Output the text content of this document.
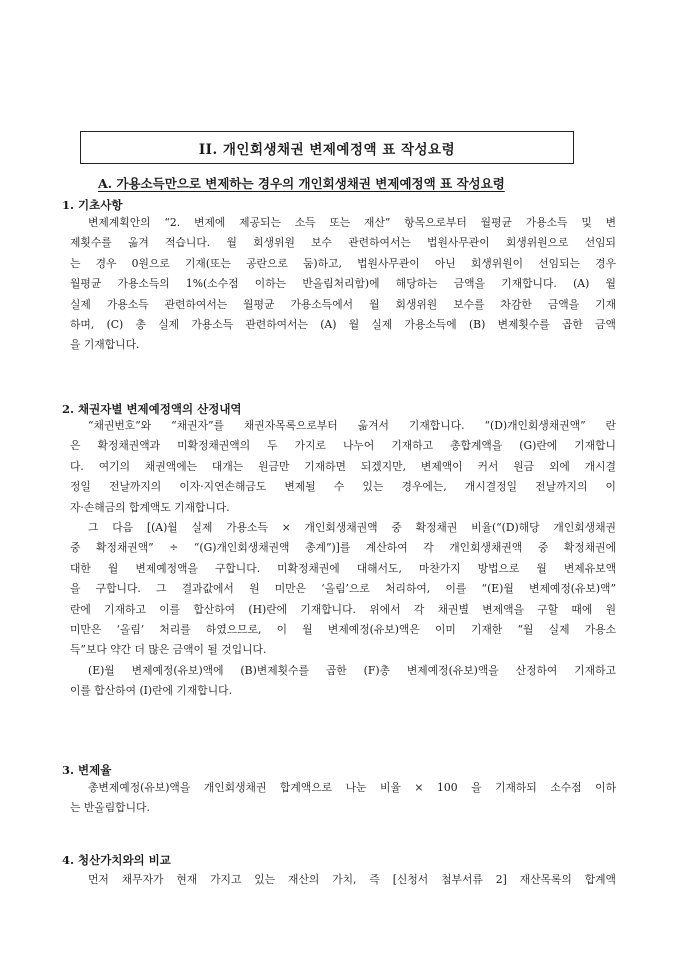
II. 개인회생채권 변제예정액 표 작성요령
A. 가용소득만으로 변제하는 경우의 개인회생채권 변제예정액 표 작성요령
1. 기초사항
변제계획안의 “2. 변제에 제공되는 소득 또는 재산” 항목으로부터 월평균 가용소득 및 변
제횟수를 옮겨 적습니다. 월 회생위원 보수 관련하여서는 법원사무관이 회생위원으로 선임되
는 경우 0원으로 기재(또는 공란으로 둠)하고, 법원사무관이 아닌 회생위원이 선임되는 경우
월평균 가용소득의 1%(소수점 이하는 반올림처리함)에 해당하는 금액을 기재합니다. (A) 월
실제 가용소득 관련하여서는 월평균 가용소득에서 월 회생위원 보수를 차감한 금액을 기재
하며, (C) 총 실제 가용소득 관련하여서는 (A) 월 실제 가용소득에 (B) 변제횟수를 곱한 금액
을 기재합니다.
2. 채권자별 변제예정액의 산정내역
“채권번호”와 “채권자”를 채권자목록으로부터 옮겨서 기재합니다. “(D)개인회생채권액” 란
은 확정채권액과 미확정채권액의 두 가지로 나누어 기재하고 총합계액을 (G)란에 기재합니
다. 여기의 채권액에는 대개는 원금만 기재하면 되겠지만, 변제액이 커서 원금 외에 개시결
정일 전날까지의 이자·지연손해금도 변제될 수 있는 경우에는, 개시결정일 전날까지의 이
자·손해금의 합계액도 기재합니다.
그 다음 [(A)월 실제 가용소득 × 개인회생채권액 중 확정채권 비율(“(D)해당 개인회생채권
중 확정채권액” ÷ “(G)개인회생채권액 총계”)]를 계산하여 각 개인회생채권액 중 확정채권에
대한 월 변제예정액을 구합니다. 미확정채권에 대해서도, 마찬가지 방법으로 월 변제유보액
을 구합니다. 그 결과값에서 원 미만은 ‘올림’으로 처리하여, 이를 “(E)월 변제예정(유보)액”
란에 기재하고 이를 합산하여 (H)란에 기재합니다. 위에서 각 채권별 변제액을 구할 때에 원
미만은 ‘올림’ 처리를 하였으므로, 이 월 변제예정(유보)액은 이미 기재한 “월 실제 가용소
득”보다 약간 더 많은 금액이 될 것입니다.
(E)월 변제예정(유보)액에 (B)변제횟수를 곱한 (F)총 변제예정(유보)액을 산정하여 기재하고
이를 합산하여 (I)란에 기재합니다.
3. 변제율
총변제예정(유보)액을 개인회생채권 합계액으로 나눈 비율 × 100 을 기재하되 소수점 이하
는 반올림합니다.
4. 청산가치와의 비교
먼저 채무자가 현재 가지고 있는 재산의 가치, 즉 [신청서 첨부서류 2] 재산목록의 합계액
